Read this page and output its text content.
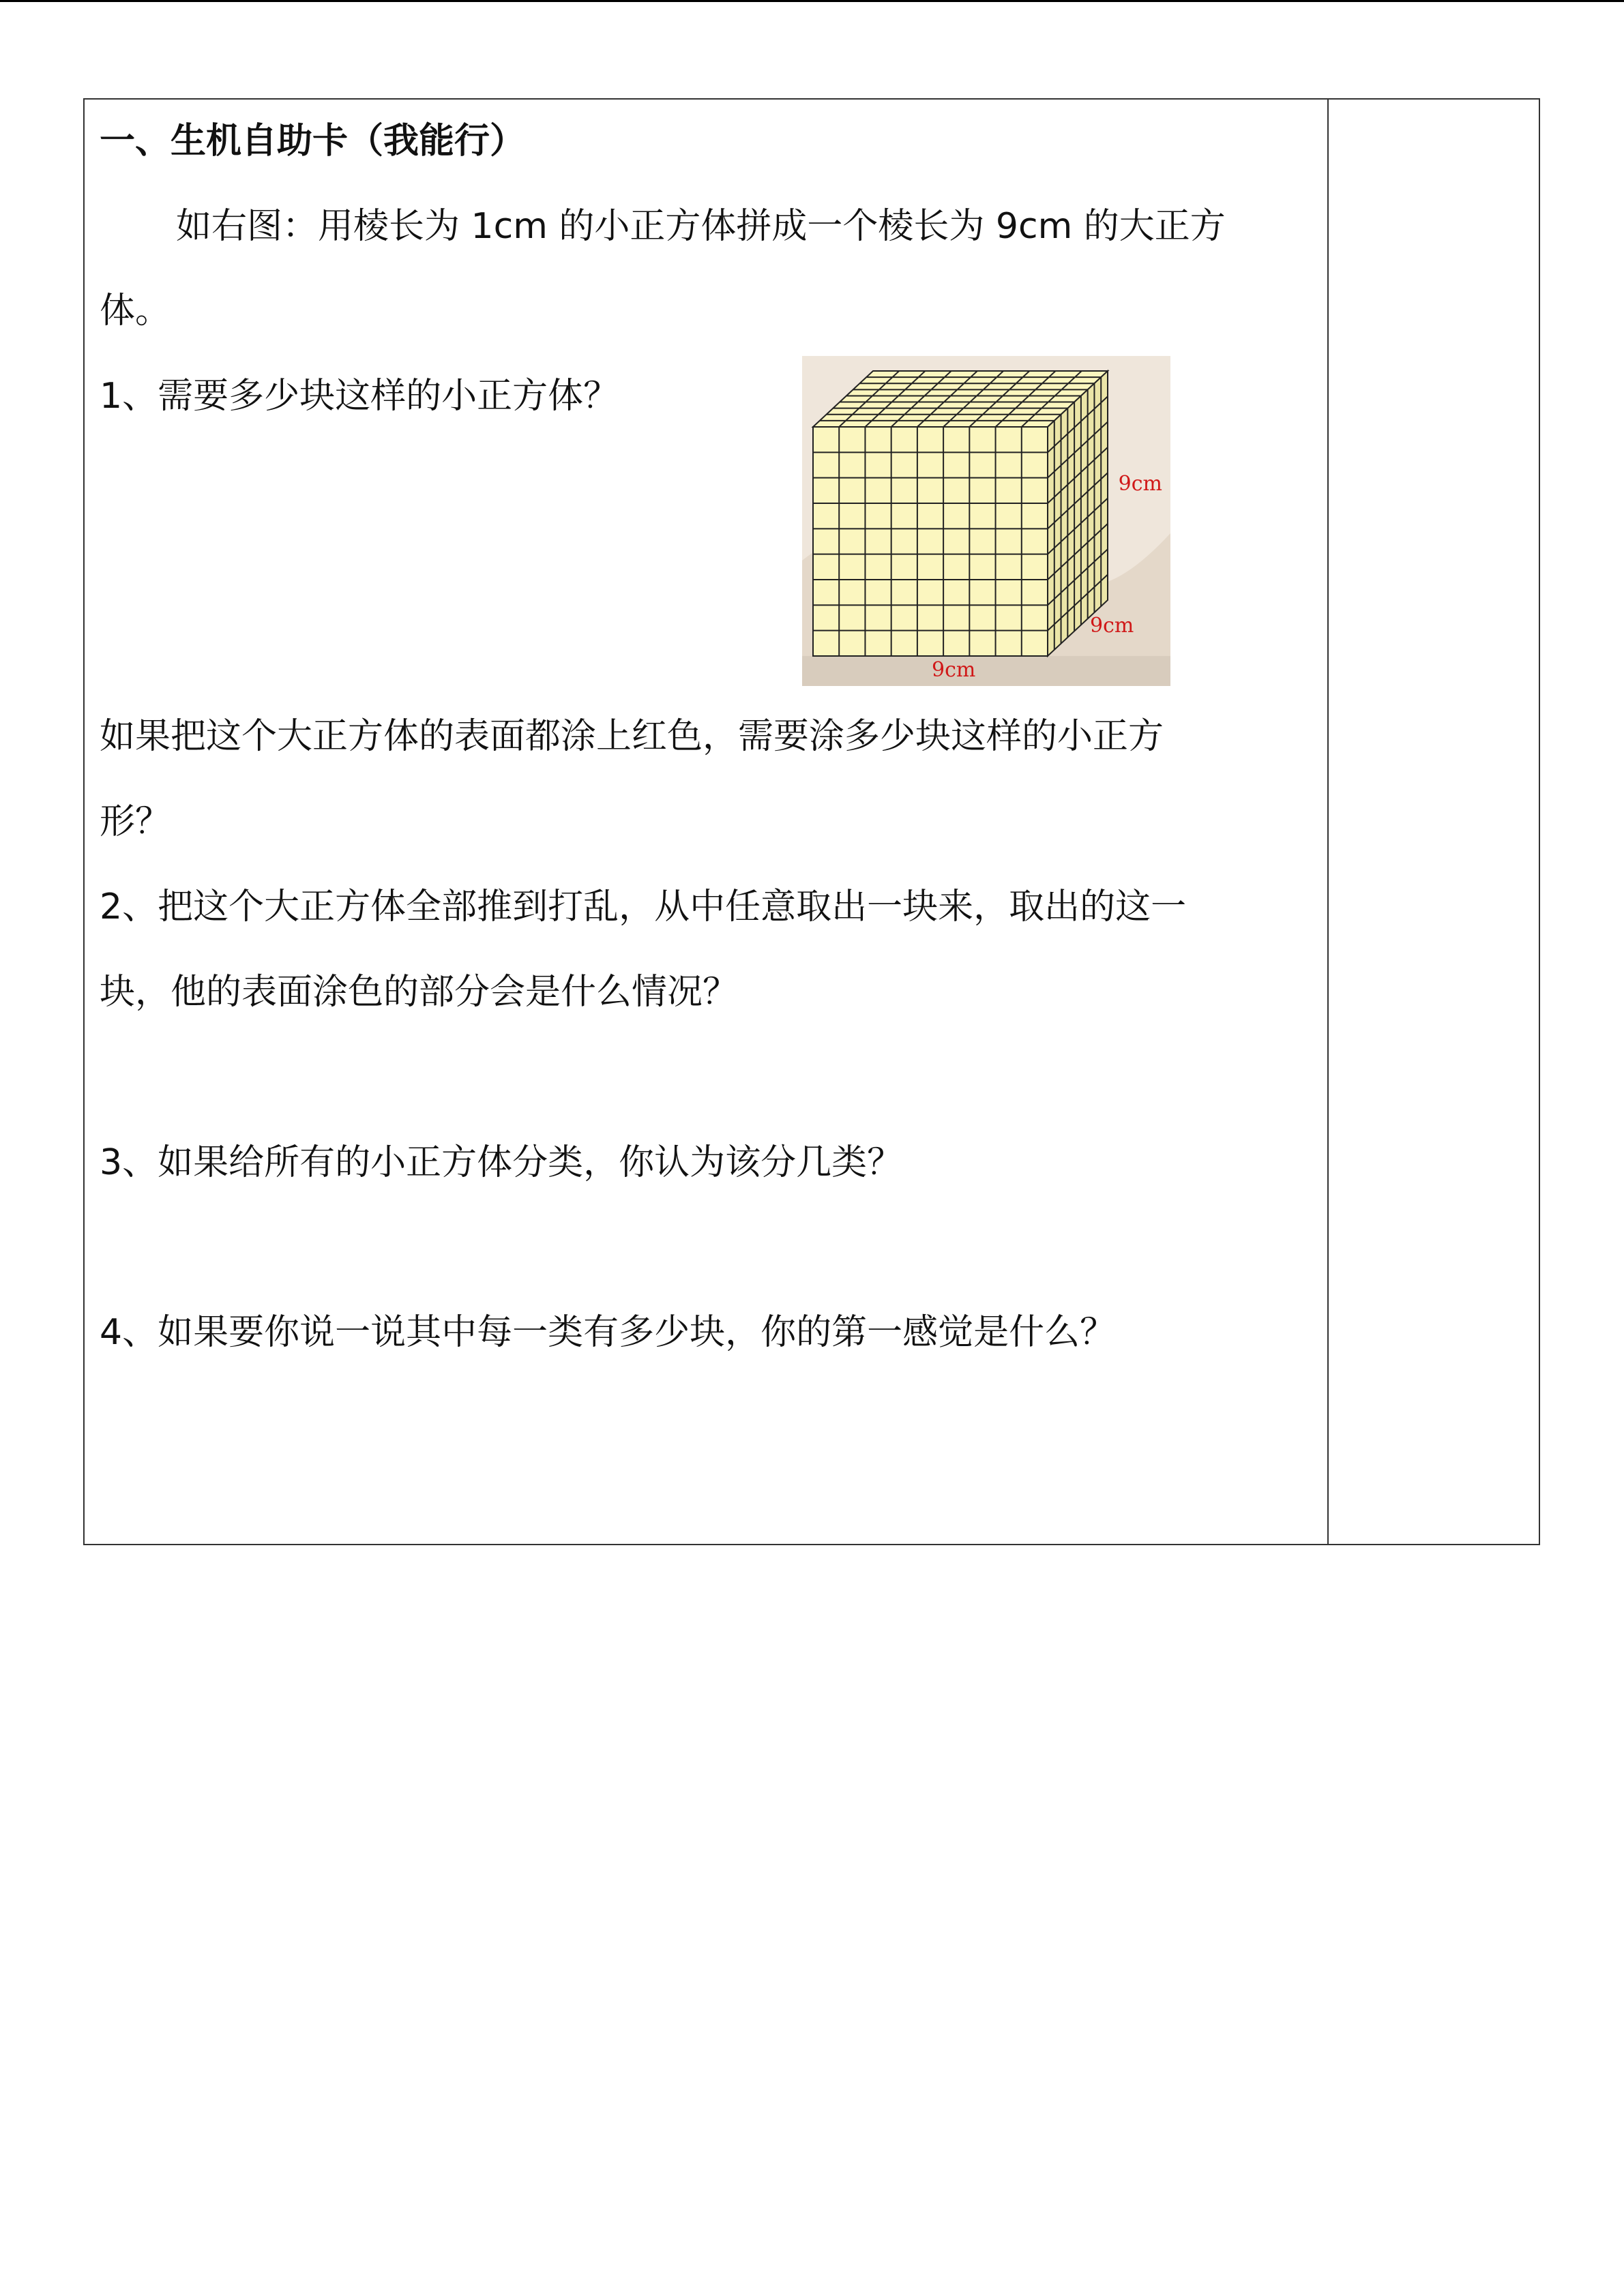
一、生机自助卡（我能行）
如右图：用棱长为 1cm 的小正方体拼成一个棱长为 9cm 的大正方
体。
1、需要多少块这样的小正方体？
9cm
9cm
9cm
如果把这个大正方体的表面都涂上红色，需要涂多少块这样的小正方
形？
2、把这个大正方体全部推到打乱，从中任意取出一块来，取出的这一
块，他的表面涂色的部分会是什么情况？
3、如果给所有的小正方体分类，你认为该分几类？
4、如果要你说一说其中每一类有多少块，你的第一感觉是什么？
